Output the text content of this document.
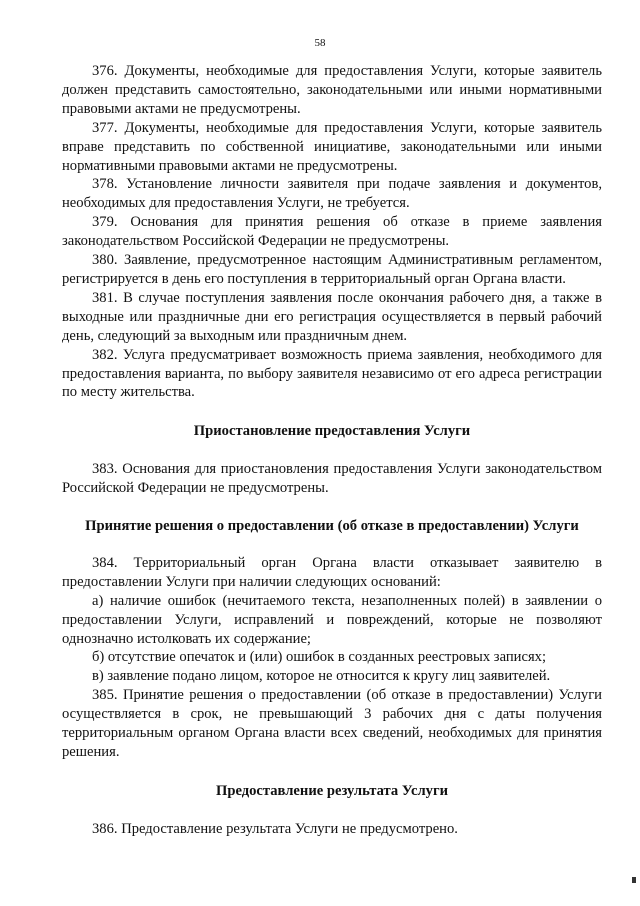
58

376. Документы, необходимые для предоставления Услуги, которые заявитель должен представить самостоятельно, законодательными или иными нормативными правовыми актами не предусмотрены.

377. Документы, необходимые для предоставления Услуги, которые заявитель вправе представить по собственной инициативе, законодательными или иными нормативными правовыми актами не предусмотрены.

378. Установление личности заявителя при подаче заявления и документов, необходимых для предоставления Услуги, не требуется.

379. Основания для принятия решения об отказе в приеме заявления законодательством Российской Федерации не предусмотрены.

380. Заявление, предусмотренное настоящим Административным регламентом, регистрируется в день его поступления в территориальный орган Органа власти.

381. В случае поступления заявления после окончания рабочего дня, а также в выходные или праздничные дни его регистрация осуществляется в первый рабочий день, следующий за выходным или праздничным днем.

382. Услуга предусматривает возможность приема заявления, необходимого для предоставления варианта, по выбору заявителя независимо от его адреса регистрации по месту жительства.

Приостановление предоставления Услуги

383. Основания для приостановления предоставления Услуги законодательством Российской Федерации не предусмотрены.

Принятие решения о предоставлении (об отказе в предоставлении) Услуги

384. Территориальный орган Органа власти отказывает заявителю в предоставлении Услуги при наличии следующих оснований:

а) наличие ошибок (нечитаемого текста, незаполненных полей) в заявлении о предоставлении Услуги, исправлений и повреждений, которые не позволяют однозначно истолковать их содержание;

б) отсутствие опечаток и (или) ошибок в созданных реестровых записях;

в) заявление подано лицом, которое не относится к кругу лиц заявителей.

385. Принятие решения о предоставлении (об отказе в предоставлении) Услуги осуществляется в срок, не превышающий 3 рабочих дня с даты получения территориальным органом Органа власти всех сведений, необходимых для принятия решения.

Предоставление результата Услуги

386. Предоставление результата Услуги не предусмотрено.
